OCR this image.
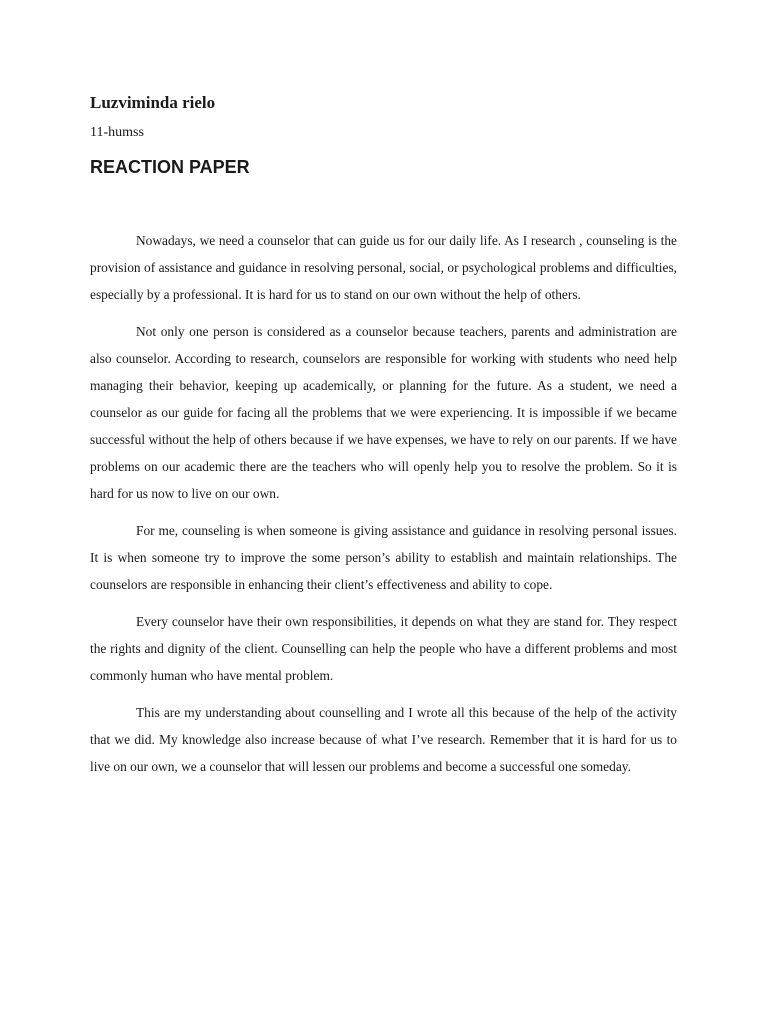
Luzviminda rielo

11-humss

REACTION PAPER

Nowadays, we need a counselor that can guide us for our daily life. As I research , counseling is the provision of assistance and guidance in resolving personal, social, or psychological problems and difficulties, especially by a professional. It is hard for us to stand on our own without the help of others.

Not only one person is considered as a counselor because teachers, parents and administration are also counselor. According to research, counselors are responsible for working with students who need help managing their behavior, keeping up academically, or planning for the future. As a student, we need a counselor as our guide for facing all the problems that we were experiencing. It is impossible if we became successful without the help of others because if we have expenses, we have to rely on our parents. If we have problems on our academic there are the teachers who will openly help you to resolve the problem. So it is hard for us now to live on our own.

For me, counseling is when someone is giving assistance and guidance in resolving personal issues. It is when someone try to improve the some person’s ability to establish and maintain relationships. The counselors are responsible in enhancing their client’s effectiveness and ability to cope.

Every counselor have their own responsibilities, it depends on what they are stand for. They respect the rights and dignity of the client. Counselling can help the people who have a different problems and most commonly human who have mental problem.

This are my understanding about counselling and I wrote all this because of the help of the activity that we did. My knowledge also increase because of what I’ve research. Remember that it is hard for us to live on our own, we a counselor that will lessen our problems and become a successful one someday.
